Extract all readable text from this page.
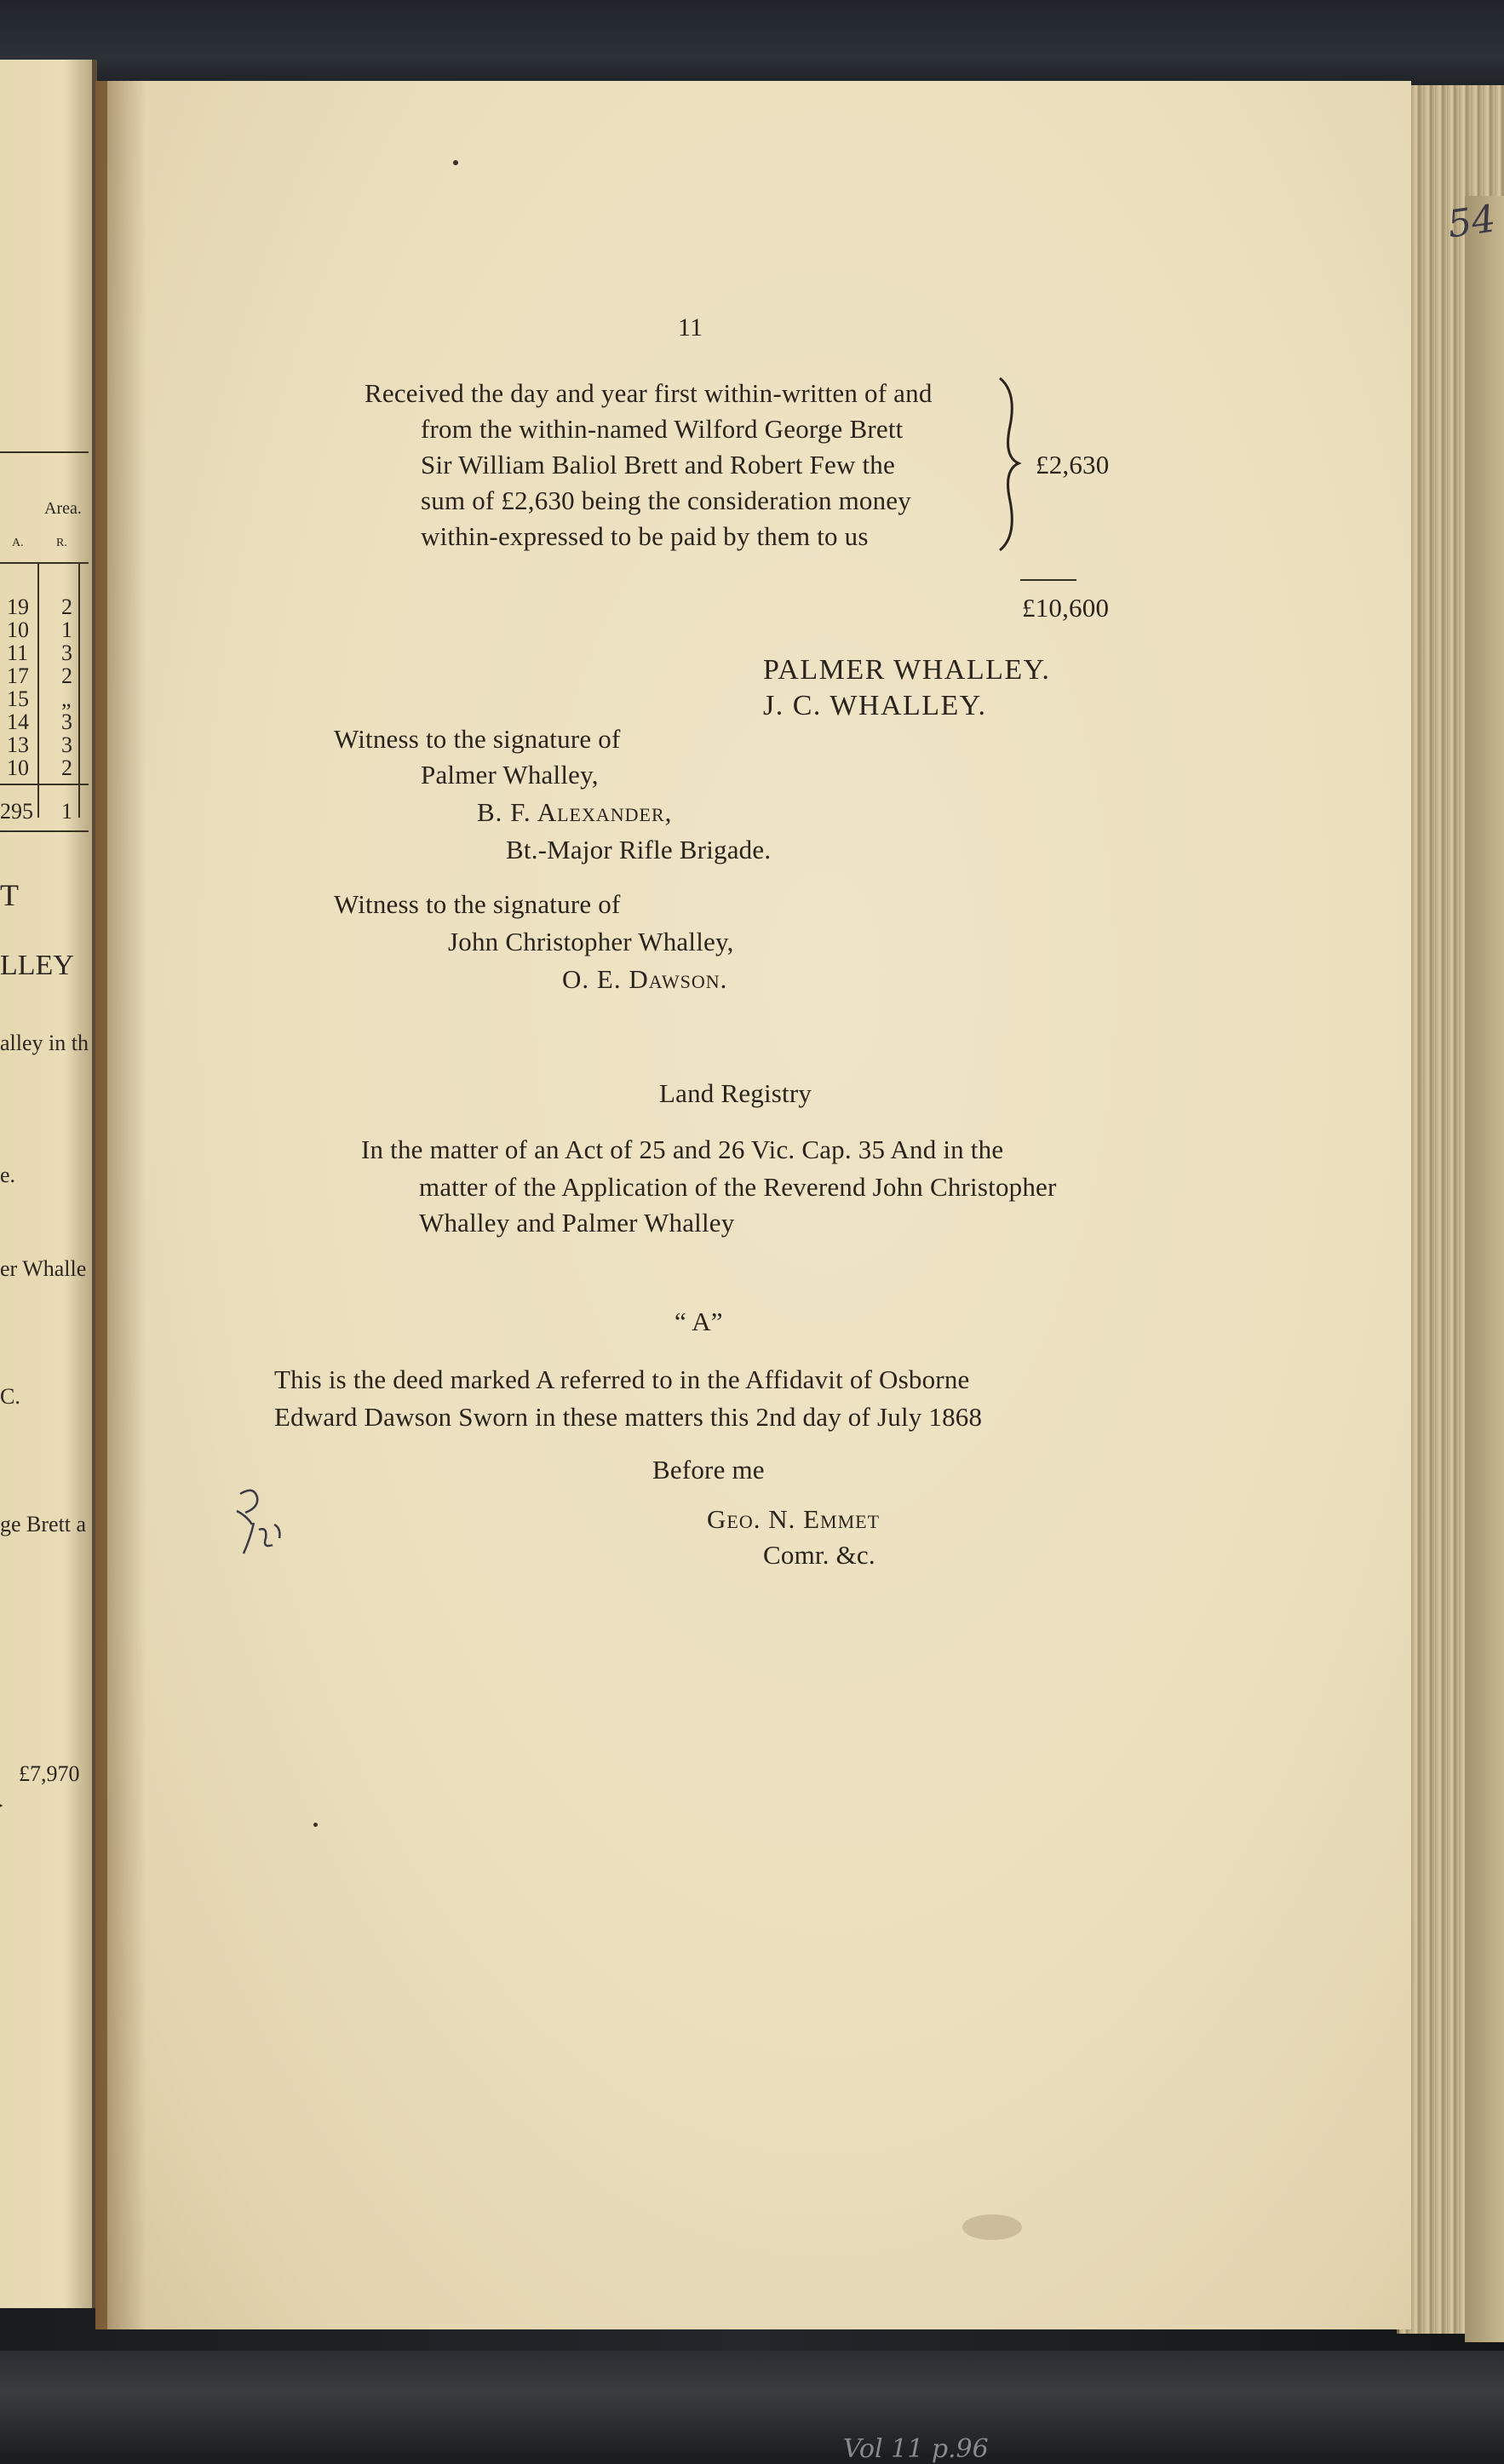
Area.
A.	R.
19
10
11
17
15
14
13
10
2
1
3
2
„
3
3
2
295 1
T
LLEY
alley in th
e.
er Whalle
C.
ge Brett a
£7,970
54
11
Received the day and year first within-written of and
from the within-named Wilford George Brett
Sir William Baliol Brett and Robert Few the
sum of £2,630 being the consideration money
within-expressed to be paid by them to us
£2,630
£10,600
PALMER WHALLEY.
J. C. WHALLEY.
Witness to the signature of
Palmer Whalley,
B. F. Alexander,
Bt.-Major Rifle Brigade.
Witness to the signature of
John Christopher Whalley,
O. E. Dawson.
Land Registry
In the matter of an Act of 25 and 26 Vic. Cap. 35 And in the
matter of the Application of the Reverend John Christopher
Whalley and Palmer Whalley
“ A”
This is the deed marked A referred to in the Affidavit of Osborne
Edward Dawson Sworn in these matters this 2nd day of July 1868
Before me
Geo. N. Emmet
Comr. &c.
Vol 11 p.96
